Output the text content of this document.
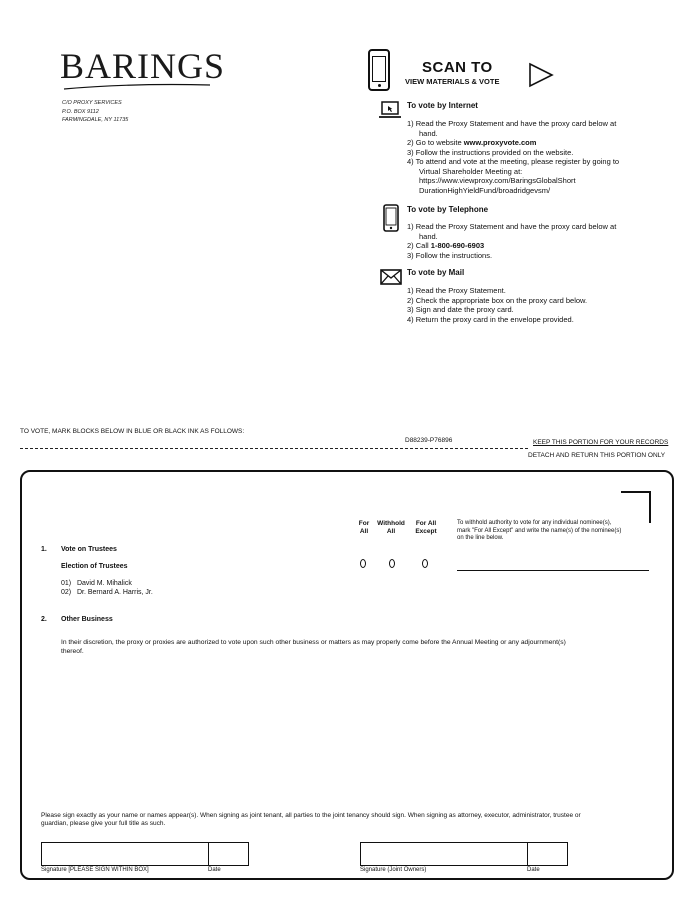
BARINGS
C/O PROXY SERVICES
P.O. BOX 9112
FARMINGDALE, NY 11735
SCAN TO
VIEW MATERIALS & VOTE
To vote by Internet
1) Read the Proxy Statement and have the proxy card below at hand.
2) Go to website www.proxyvote.com
3) Follow the instructions provided on the website.
4) To attend and vote at the meeting, please register by going to Virtual Shareholder Meeting at:
https://www.viewproxy.com/BaringsGlobalShort
DurationHighYieldFund/broadridgevsm/
To vote by Telephone
1) Read the Proxy Statement and have the proxy card below at hand.
2) Call 1-800-690-6903
3) Follow the instructions.
To vote by Mail
1) Read the Proxy Statement.
2) Check the appropriate box on the proxy card below.
3) Sign and date the proxy card.
4) Return the proxy card in the envelope provided.
TO VOTE, MARK BLOCKS BELOW IN BLUE OR BLACK INK AS FOLLOWS:
D88239-P76896	KEEP THIS PORTION FOR YOUR RECORDS
DETACH AND RETURN THIS PORTION ONLY
For
All
Withhold
All
For All
Except
To withhold authority to vote for any individual nominee(s), mark "For All Except" and write the name(s) of the nominee(s) on the line below.
1. Vote on Trustees
Election of Trustees
01) David M. Mihalick
02) Dr. Bernard A. Harris, Jr.
2. Other Business
In their discretion, the proxy or proxies are authorized to vote upon such other business or matters as may properly come before the Annual Meeting or any adjournment(s) thereof.
Please sign exactly as your name or names appear(s). When signing as joint tenant, all parties to the joint tenancy should sign. When signing as attorney, executor, administrator, trustee or guardian, please give your full title as such.
Signature [PLEASE SIGN WITHIN BOX]	Date	Signature (Joint Owners)	Date
